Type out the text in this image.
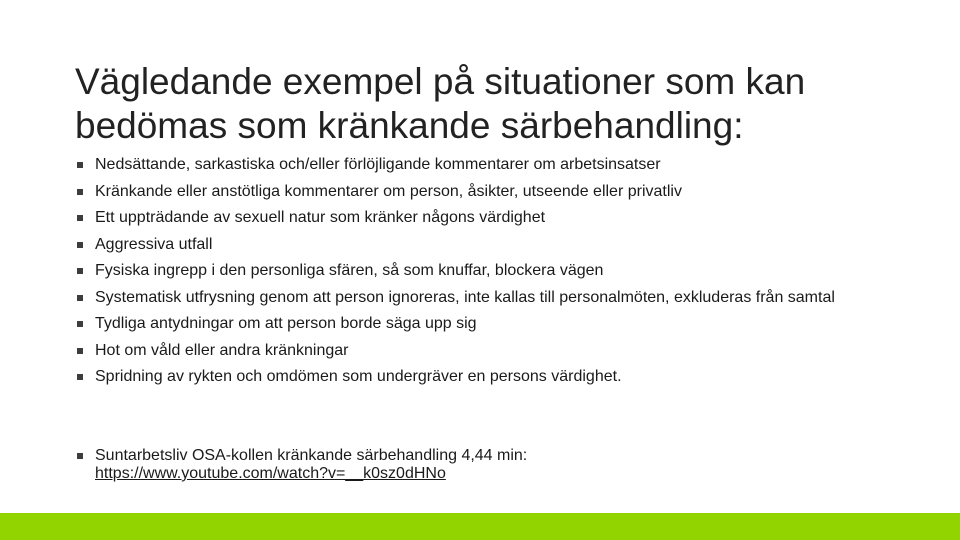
Vägledande exempel på situationer som kan
bedömas som kränkande särbehandling:
Nedsättande, sarkastiska och/eller förlöjligande kommentarer om arbetsinsatser
Kränkande eller anstötliga kommentarer om person, åsikter, utseende eller privatliv
Ett uppträdande av sexuell natur som kränker någons värdighet
Aggressiva utfall
Fysiska ingrepp i den personliga sfären, så som knuffar, blockera vägen
Systematisk utfrysning genom att person ignoreras, inte kallas till personalmöten, exkluderas från samtal
Tydliga antydningar om att person borde säga upp sig
Hot om våld eller andra kränkningar
Spridning av rykten och omdömen som undergräver en persons värdighet.
Suntarbetsliv OSA-kollen kränkande särbehandling 4,44 min:
https://www.youtube.com/watch?v=__k0sz0dHNo
